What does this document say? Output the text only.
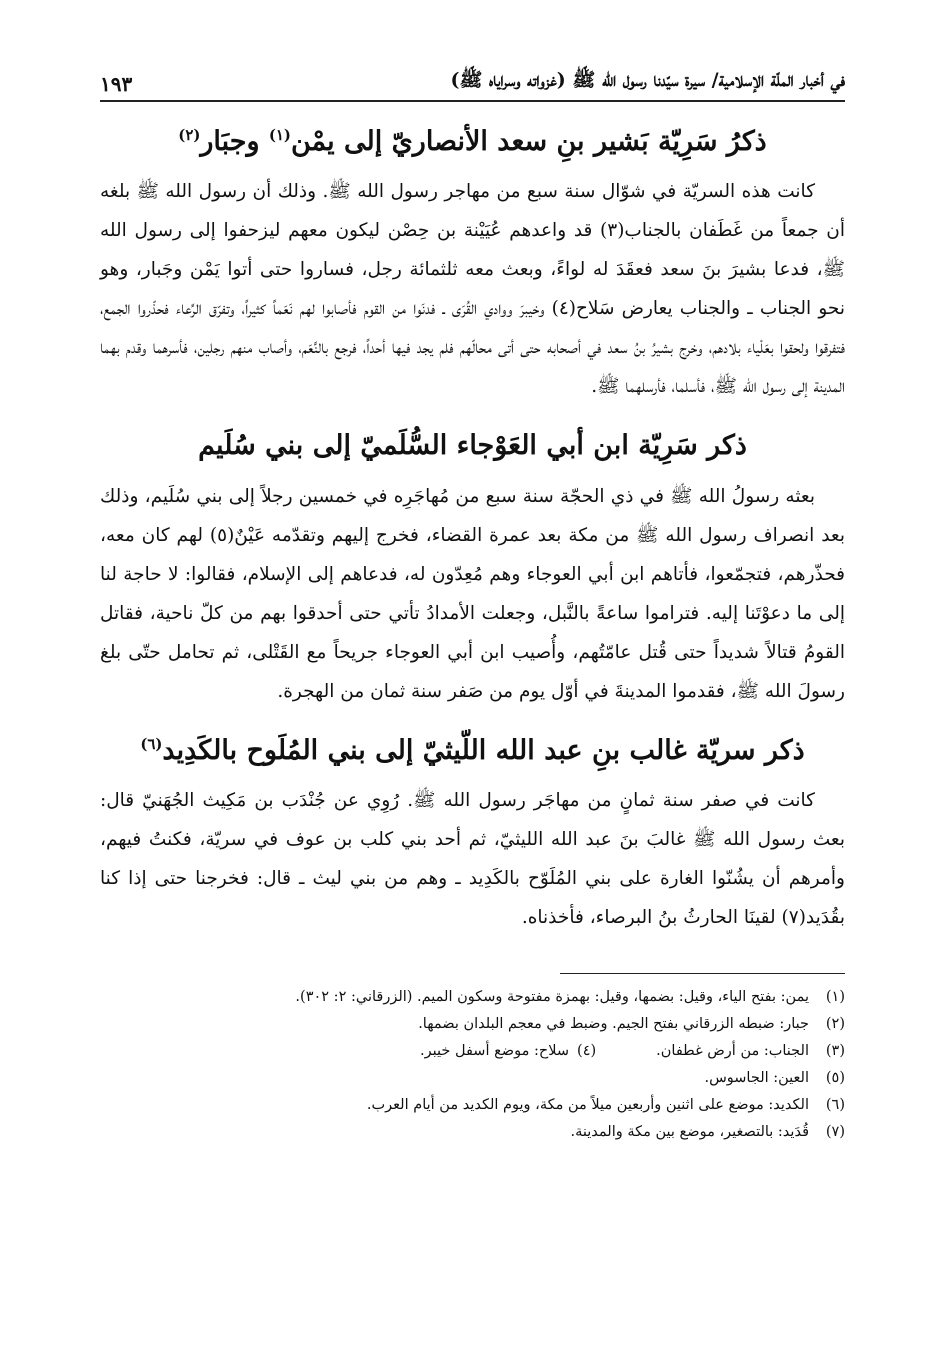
في أخبار الملّة الإسلامية/ سيرة سيّدنا رسول الله ﷺ (غزواته وسراياه ﷺ)
١٩٣
ذكرُ سَرِيّة بَشير بنِ سعد الأنصاريّ إلى يمْن$^{(١)}$ وجبَار$^{(٢)}$

كانت هذه السريّة في شوّال سنة سبع من مهاجر رسول الله ﷺ. وذلك أن رسول الله ﷺ بلغه أن جمعاً من غَطَفان بالجناب(٣) قد واعدهم عُيَيْنة بن حِصْن ليكون معهم ليزحفوا إلى رسول الله ﷺ، فدعا بشيرَ بنَ سعد فعقَدَ له لواءً، وبعث معه ثلثمائة رجل، فساروا حتى أتوا يَمْن وجَبار، وهو نحو الجناب ـ والجناب يعارض سَلاح(٤) وخيبرَ ووادي القُرَى ـ فدنَوا من القوم فأصابوا لهم نَعَماً كثيراً، وتفرّق الرِّعاء فحذّروا الجمع، فتفرقوا ولحقوا بعَلْياء بلادهم، وخرج بشيرُ بنُ سعد في أصحابه حتى أتى محالّهم فلم يجد فيها أحداً، فرجع بالنَّعَم، وأصاب منهم رجلين، فأسرهما وقدم بهما المدينة إلى رسول الله ﷺ، فأسلما، فأرسلهما ﷺ.

ذكر سَرِيّة ابن أبي العَوْجاء السُّلَميّ إلى بني سُلَيم

بعثه رسولُ الله ﷺ في ذي الحجّة سنة سبع من مُهاجَرِه في خمسين رجلاً إلى بني سُلَيم، وذلك بعد انصراف رسول الله ﷺ من مكة بعد عمرة القضاء، فخرج إليهم وتقدّمه عَيْنٌ(٥) لهم كان معه، فحذّرهم، فتجمّعوا، فأتاهم ابن أبي العوجاء وهم مُعِدّون له، فدعاهم إلى الإسلام، فقالوا: لا حاجة لنا إلى ما دعوْتَنا إليه. فتراموا ساعةً بالنَّبل، وجعلت الأمدادُ تأتي حتى أحدقوا بهم من كلّ ناحية، فقاتل القومُ قتالاً شديداً حتى قُتل عامّتُهم، وأُصيب ابن أبي العوجاء جريحاً مع القَتْلى، ثم تحامل حتّى بلغ رسولَ الله ﷺ، فقدموا المدينةَ في أوّل يوم من صَفر سنة ثمان من الهجرة.

ذكر سريّة غالب بنِ عبد الله اللّيثيّ إلى بني المُلَوح بالكَدِيد$^{(٦)}$

كانت في صفر سنة ثمانٍ من مهاجَر رسول الله ﷺ. رُوِي عن جُنْدَب بن مَكِيث الجُهَنيّ قال: بعث رسول الله ﷺ غالبَ بنَ عبد الله الليثيّ، ثم أحد بني كلب بن عوف في سريّة، فكنتُ فيهم، وأمرهم أن يشُنّوا الغارة على بني المُلَوّح بالكَدِيد ـ وهم من بني ليث ـ قال: فخرجنا حتى إذا كنا بقُدَيد(٧) لقينَا الحارثُ بنُ البرصاء، فأخذناه.

(١)
يمن: بفتح الياء، وقيل: بضمها، وقيل: بهمزة مفتوحة وسكون الميم. (الزرقاني: ٢: ٣٠٢).
(٢)
جبار: ضبطه الزرقاني بفتح الجيم. وضبط في معجم البلدان بضمها.
(٣)
الجناب: من أرض غطفان.
(٤)
سلاح: موضع أسفل خيبر.
(٥)
العين: الجاسوس.
(٦)
الكديد: موضع على اثنين وأربعين ميلاً من مكة، ويوم الكديد من أيام العرب.
(٧)
قُدَيد: بالتصغير، موضع بين مكة والمدينة.
